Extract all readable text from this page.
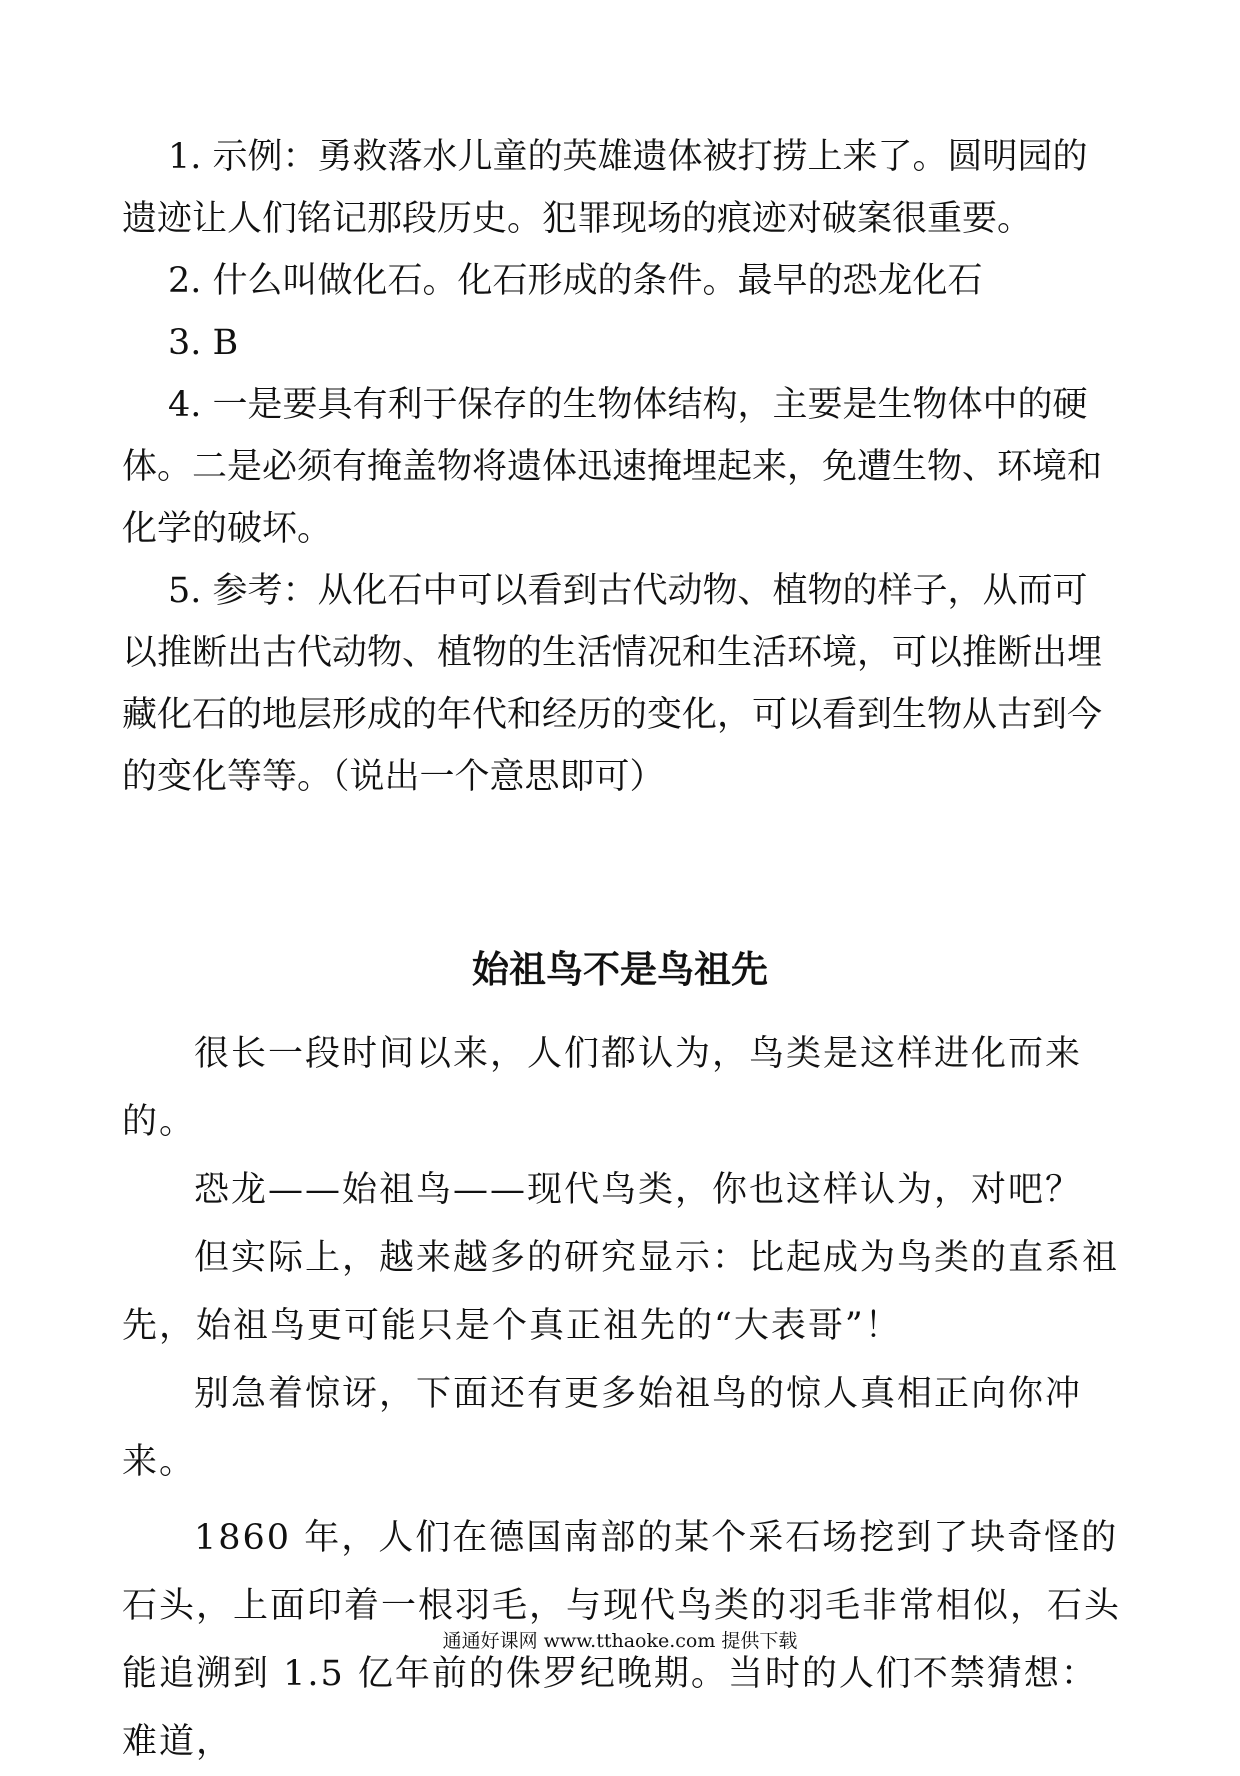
1. 示例：勇救落水儿童的英雄遗体被打捞上来了。圆明园的遗迹让人们铭记那段历史。犯罪现场的痕迹对破案很重要。

2. 什么叫做化石。化石形成的条件。最早的恐龙化石

3. B

4. 一是要具有利于保存的生物体结构，主要是生物体中的硬体。二是必须有掩盖物将遗体迅速掩埋起来，免遭生物、环境和化学的破坏。

5. 参考：从化石中可以看到古代动物、植物的样子，从而可以推断出古代动物、植物的生活情况和生活环境，可以推断出埋藏化石的地层形成的年代和经历的变化，可以看到生物从古到今的变化等等。（说出一个意思即可）

始祖鸟不是鸟祖先

很长一段时间以来，人们都认为，鸟类是这样进化而来的。

恐龙——始祖鸟——现代鸟类，你也这样认为，对吧？

但实际上，越来越多的研究显示：比起成为鸟类的直系祖先，始祖鸟更可能只是个真正祖先的“大表哥”！

别急着惊讶，下面还有更多始祖鸟的惊人真相正向你冲来。

1860 年，人们在德国南部的某个采石场挖到了块奇怪的石头，上面印着一根羽毛，与现代鸟类的羽毛非常相似，石头能追溯到 1.5 亿年前的侏罗纪晚期。当时的人们不禁猜想：难道，

通通好课网 www.tthaoke.com 提供下载
